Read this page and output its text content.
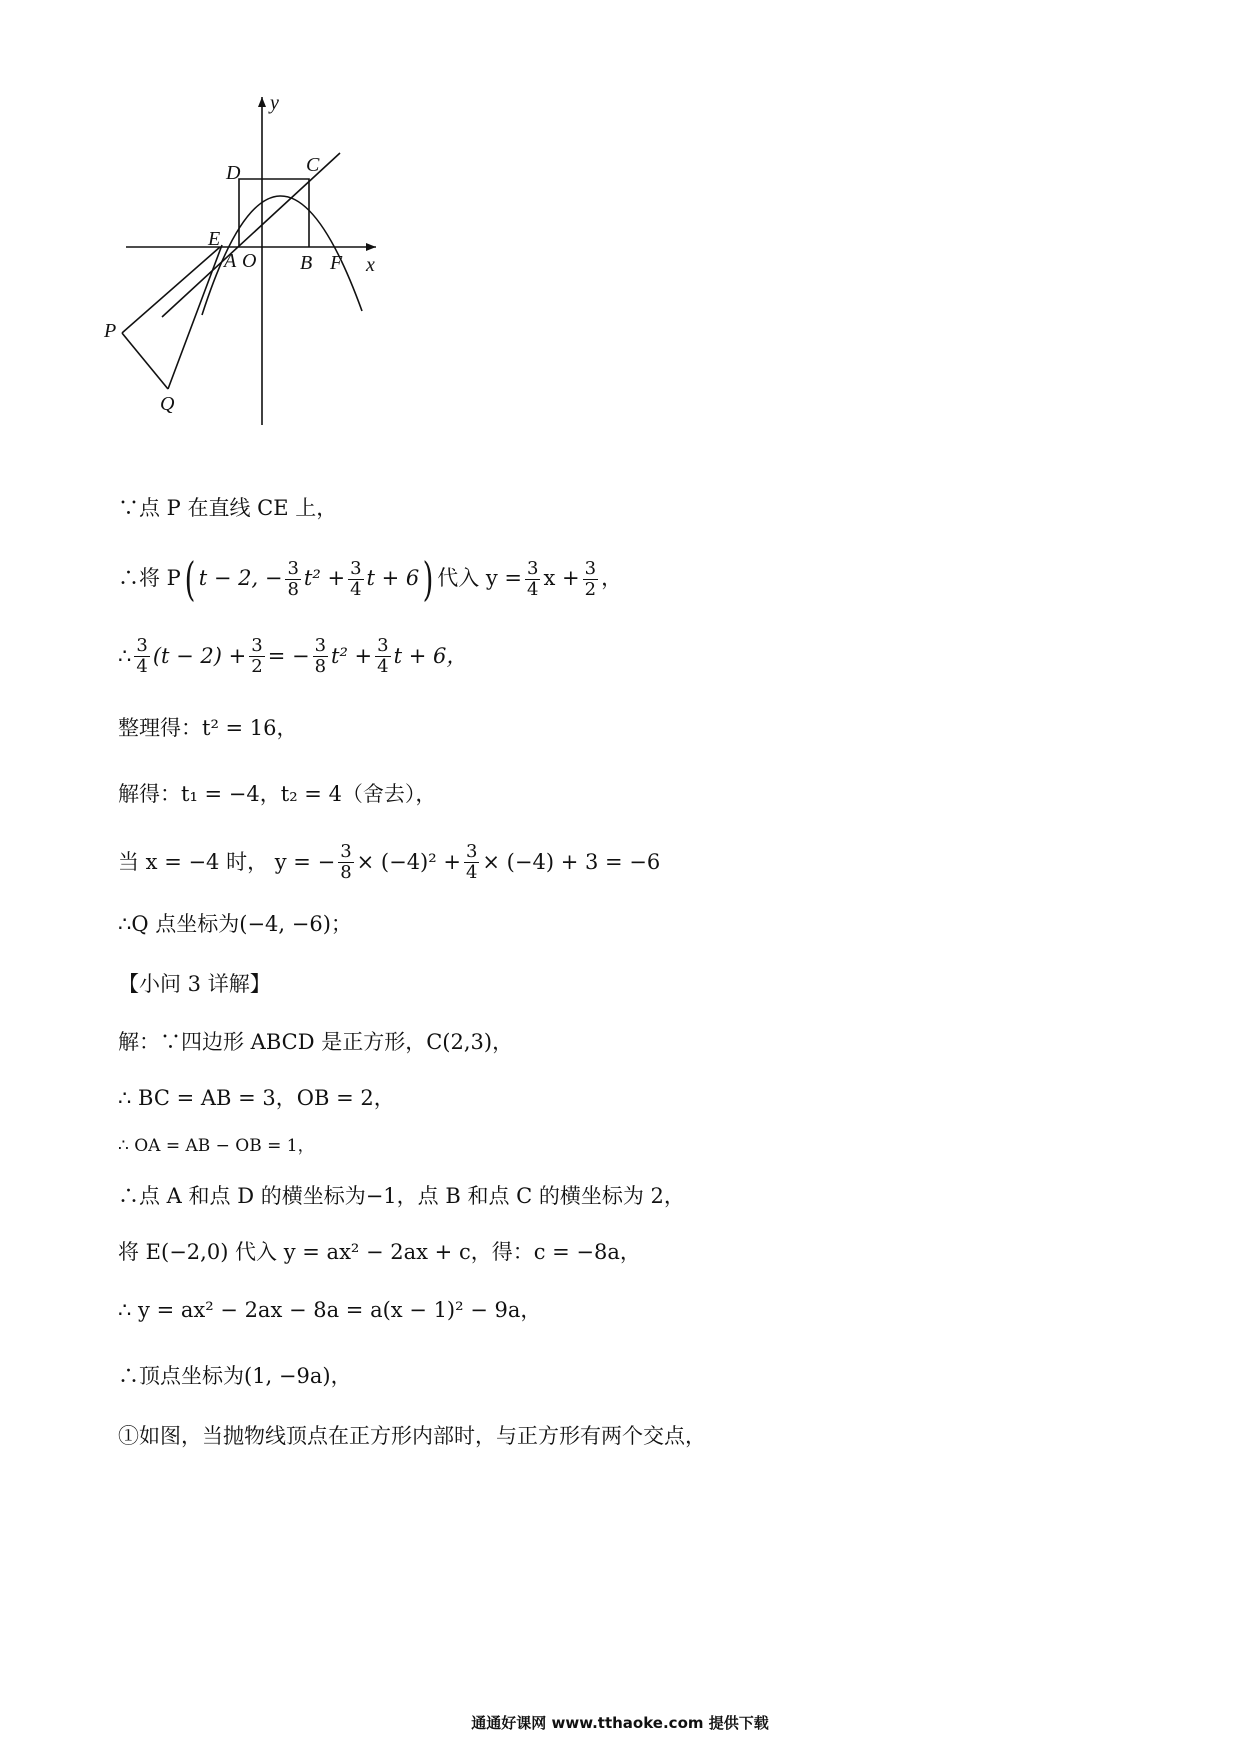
y
x
D	C
E
A O B F
P
Q
∵点 P 在直线 CE 上，
∴将 P ( t − 2, − $\frac{3}{8} t^2 + \frac{3}{4}$ t + 6 ) 代入 $y = \frac{3}{4}$ $x + \frac{3}{2}$ ，
∴ $\frac{3}{4} (t - 2) + \frac{3}{2}$ = − $\frac{3}{8} t^2 + \frac{3}{4}$ t + 6，
整理得：t² = 16，
解得：t₁ = −4，t₂ = 4（舍去），
当 x = −4 时， y = − $\frac{3}{8} \times (-4)^2 + \frac{3}{4} \times (-4) + 3 = -6$
∴Q 点坐标为(−4, −6)；
【小问 3 详解】
解：∵四边形 ABCD 是正方形，C(2,3)，
∴ BC = AB = 3，OB = 2，
∴ OA = AB − OB = 1，
∴点 A 和点 D 的横坐标为−1，点 B 和点 C 的横坐标为 2，
将 E(−2,0) 代入 y = ax² − 2ax + c，得：c = −8a，
∴ y = ax² − 2ax − 8a = a(x − 1)² − 9a，
∴顶点坐标为(1, −9a)，
①如图，当抛物线顶点在正方形内部时，与正方形有两个交点，
通通好课网 www.tthaoke.com 提供下载
